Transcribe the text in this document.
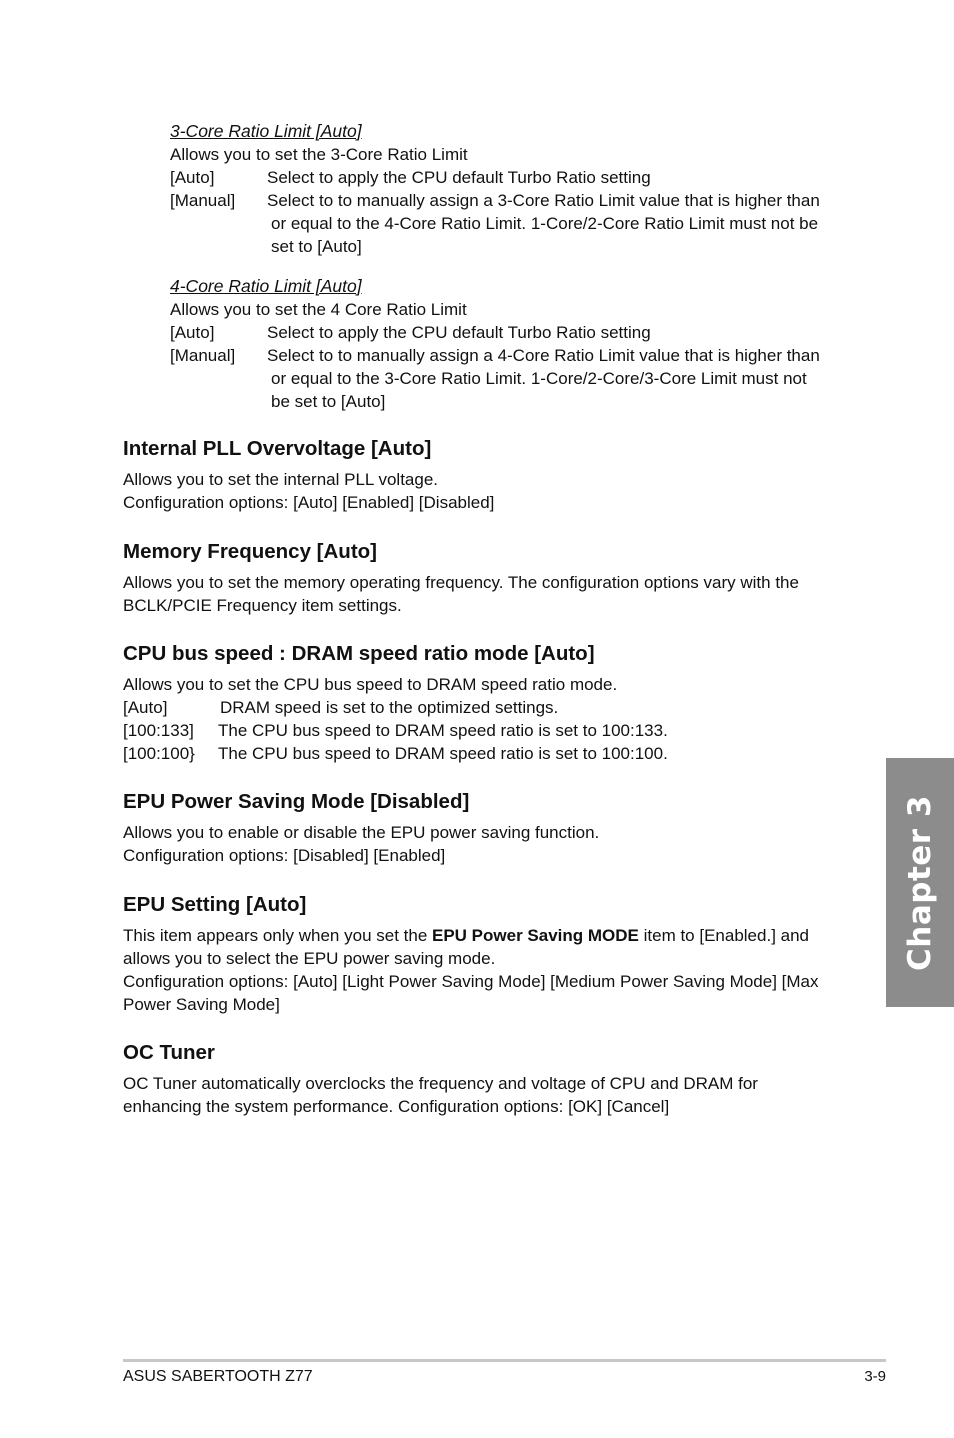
3-Core Ratio Limit [Auto]

Allows you to set the 3-Core Ratio Limit

[Auto]	Select to apply the CPU default Turbo Ratio setting
[Manual]	Select to to manually assign a 3-Core Ratio Limit value that is higher than
or equal to the 4-Core Ratio Limit. 1-Core/2-Core Ratio Limit must not be
set to [Auto]

4-Core Ratio Limit [Auto]

Allows you to set the 4 Core Ratio Limit

[Auto]	Select to apply the CPU default Turbo Ratio setting
[Manual]	Select to to manually assign a 4-Core Ratio Limit value that is higher than
or equal to the 3-Core Ratio Limit. 1-Core/2-Core/3-Core Limit must not
be set to [Auto]
Internal PLL Overvoltage [Auto]

Allows you to set the internal PLL voltage.

Configuration options: [Auto] [Enabled] [Disabled]

Memory Frequency [Auto]

Allows you to set the memory operating frequency. The configuration options vary with the

BCLK/PCIE Frequency item settings.

CPU bus speed : DRAM speed ratio mode [Auto]

Allows you to set the CPU bus speed to DRAM speed ratio mode.

[Auto]	DRAM speed is set to the optimized settings.
[100:133]	The CPU bus speed to DRAM speed ratio is set to 100:133.
[100:100}	The CPU bus speed to DRAM speed ratio is set to 100:100.
EPU Power Saving Mode [Disabled]

Allows you to enable or disable the EPU power saving function.

Configuration options: [Disabled] [Enabled]

EPU Setting [Auto]

This item appears only when you set the EPU Power Saving MODE item to [Enabled.] and

allows you to select the EPU power saving mode.

Configuration options: [Auto] [Light Power Saving Mode] [Medium Power Saving Mode] [Max

Power Saving Mode]

OC Tuner

OC Tuner automatically overclocks the frequency and voltage of CPU and DRAM for

enhancing the system performance. Configuration options: [OK] [Cancel]

Chapter 3
ASUS SABERTOOTH Z77	3-9
